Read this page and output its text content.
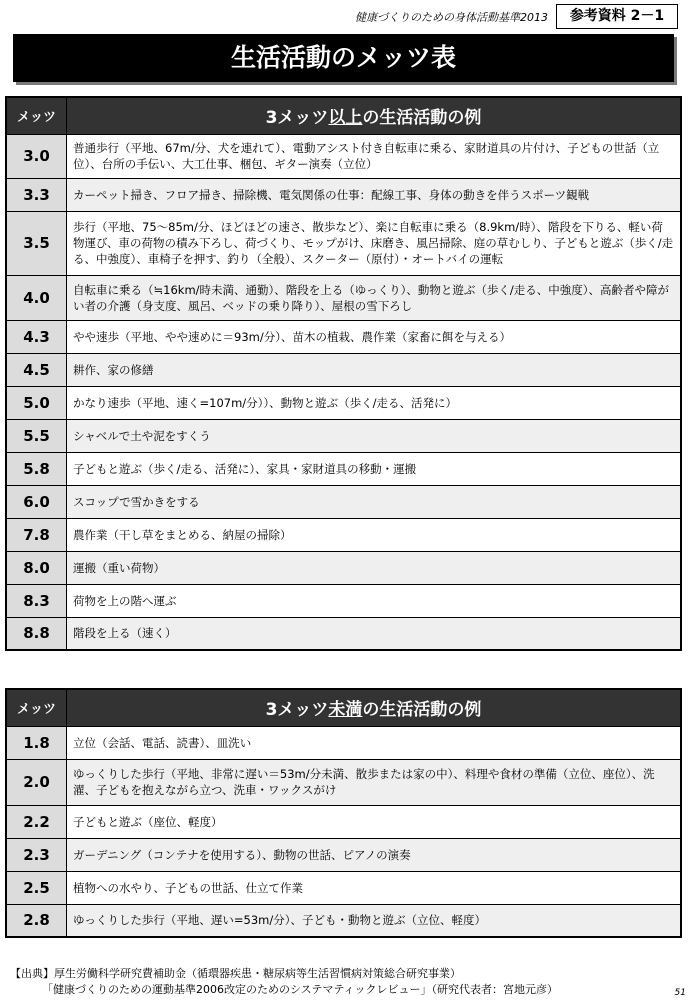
健康づくりのための身体活動基準2013	参考資料 2－1
生活活動のメッツ表
メッツ	3メッツ以上の生活活動の例
3.0	普通歩行（平地、67m/分、犬を連れて）、電動アシスト付き自転車に乗る、家財道具の片付け、子どもの世話（立位）、台所の手伝い、大工仕事、梱包、ギター演奏（立位）
3.3	カーペット掃き、フロア掃き、掃除機、電気関係の仕事：配線工事、身体の動きを伴うスポーツ観戦
3.5	歩行（平地、75～85m/分、ほどほどの速さ、散歩など）、楽に自転車に乗る（8.9km/時）、階段を下りる、軽い荷物運び、車の荷物の積み下ろし、荷づくり、モップがけ、床磨き、風呂掃除、庭の草むしり、子どもと遊ぶ（歩く/走る、中強度）、車椅子を押す、釣り（全般）、スクーター（原付）・オートバイの運転
4.0	自転車に乗る（≒16km/時未満、通勤）、階段を上る（ゆっくり）、動物と遊ぶ（歩く/走る、中強度）、高齢者や障がい者の介護（身支度、風呂、ベッドの乗り降り）、屋根の雪下ろし
4.3	やや速歩（平地、やや速めに＝93m/分）、苗木の植栽、農作業（家畜に餌を与える）
4.5	耕作、家の修繕
5.0	かなり速歩（平地、速く=107m/分））、動物と遊ぶ（歩く/走る、活発に）
5.5	シャベルで土や泥をすくう
5.8	子どもと遊ぶ（歩く/走る、活発に）、家具・家財道具の移動・運搬
6.0	スコップで雪かきをする
7.8	農作業（干し草をまとめる、納屋の掃除）
8.0	運搬（重い荷物）
8.3	荷物を上の階へ運ぶ
8.8	階段を上る（速く）
メッツ	3メッツ未満の生活活動の例
1.8	立位（会話、電話、読書）、皿洗い
2.0	ゆっくりした歩行（平地、非常に遅い＝53m/分未満、散歩または家の中）、料理や食材の準備（立位、座位）、洗濯、子どもを抱えながら立つ、洗車・ワックスがけ
2.2	子どもと遊ぶ（座位、軽度）
2.3	ガーデニング（コンテナを使用する）、動物の世話、ピアノの演奏
2.5	植物への水やり、子どもの世話、仕立て作業
2.8	ゆっくりした歩行（平地、遅い=53m/分）、子ども・動物と遊ぶ（立位、軽度）
【出典】厚生労働科学研究費補助金（循環器疾患・糖尿病等生活習慣病対策総合研究事業）
「健康づくりのための運動基準2006改定のためのシステマティックレビュー」（研究代表者：宮地元彦）	51
